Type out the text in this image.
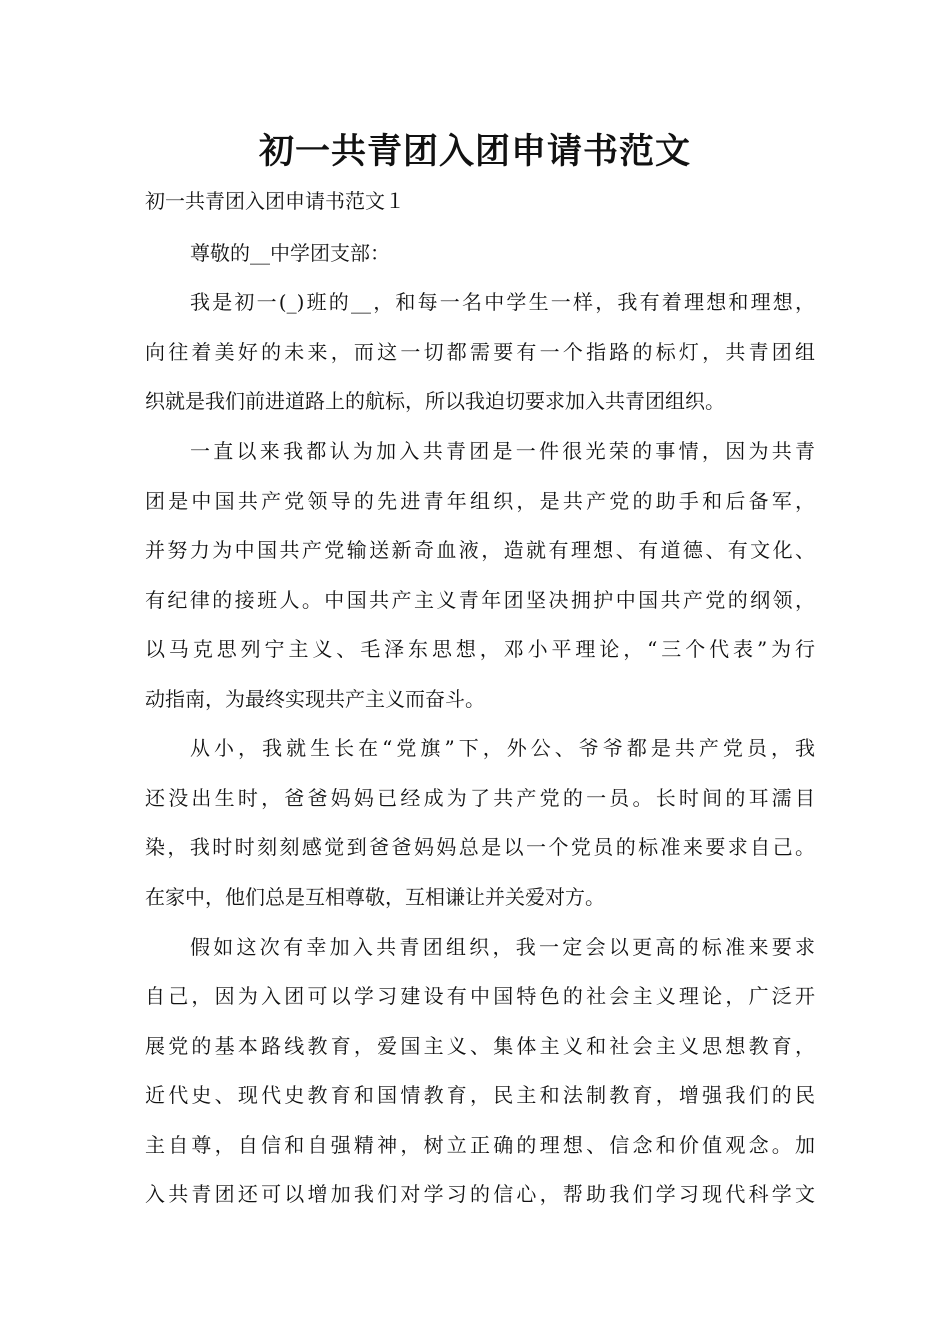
初一共青团入团申请书范文

初一共青团入团申请书范文１

尊敬的__中学团支部：

我是初一(_)班的__，和每一名中学生一样，我有着理想和理想，

向往着美好的未来，而这一切都需要有一个指路的标灯，共青团组

织就是我们前进道路上的航标，所以我迫切要求加入共青团组织。

一直以来我都认为加入共青团是一件很光荣的事情，因为共青

团是中国共产党领导的先进青年组织，是共产党的助手和后备军，

并努力为中国共产党输送新奇血液，造就有理想、有道德、有文化、

有纪律的接班人。中国共产主义青年团坚决拥护中国共产党的纲领，

以马克思列宁主义、毛泽东思想，邓小平理论，“三个代表”为行

动指南，为最终实现共产主义而奋斗。

从小，我就生长在“党旗”下，外公、爷爷都是共产党员，我

还没出生时，爸爸妈妈已经成为了共产党的一员。长时间的耳濡目

染，我时时刻刻感觉到爸爸妈妈总是以一个党员的标准来要求自己。

在家中，他们总是互相尊敬，互相谦让并关爱对方。

假如这次有幸加入共青团组织，我一定会以更高的标准来要求

自己，因为入团可以学习建设有中国特色的社会主义理论，广泛开

展党的基本路线教育，爱国主义、集体主义和社会主义思想教育，

近代史、现代史教育和国情教育，民主和法制教育，增强我们的民

主自尊，自信和自强精神，树立正确的理想、信念和价值观念。加

入共青团还可以增加我们对学习的信心，帮助我们学习现代科学文
